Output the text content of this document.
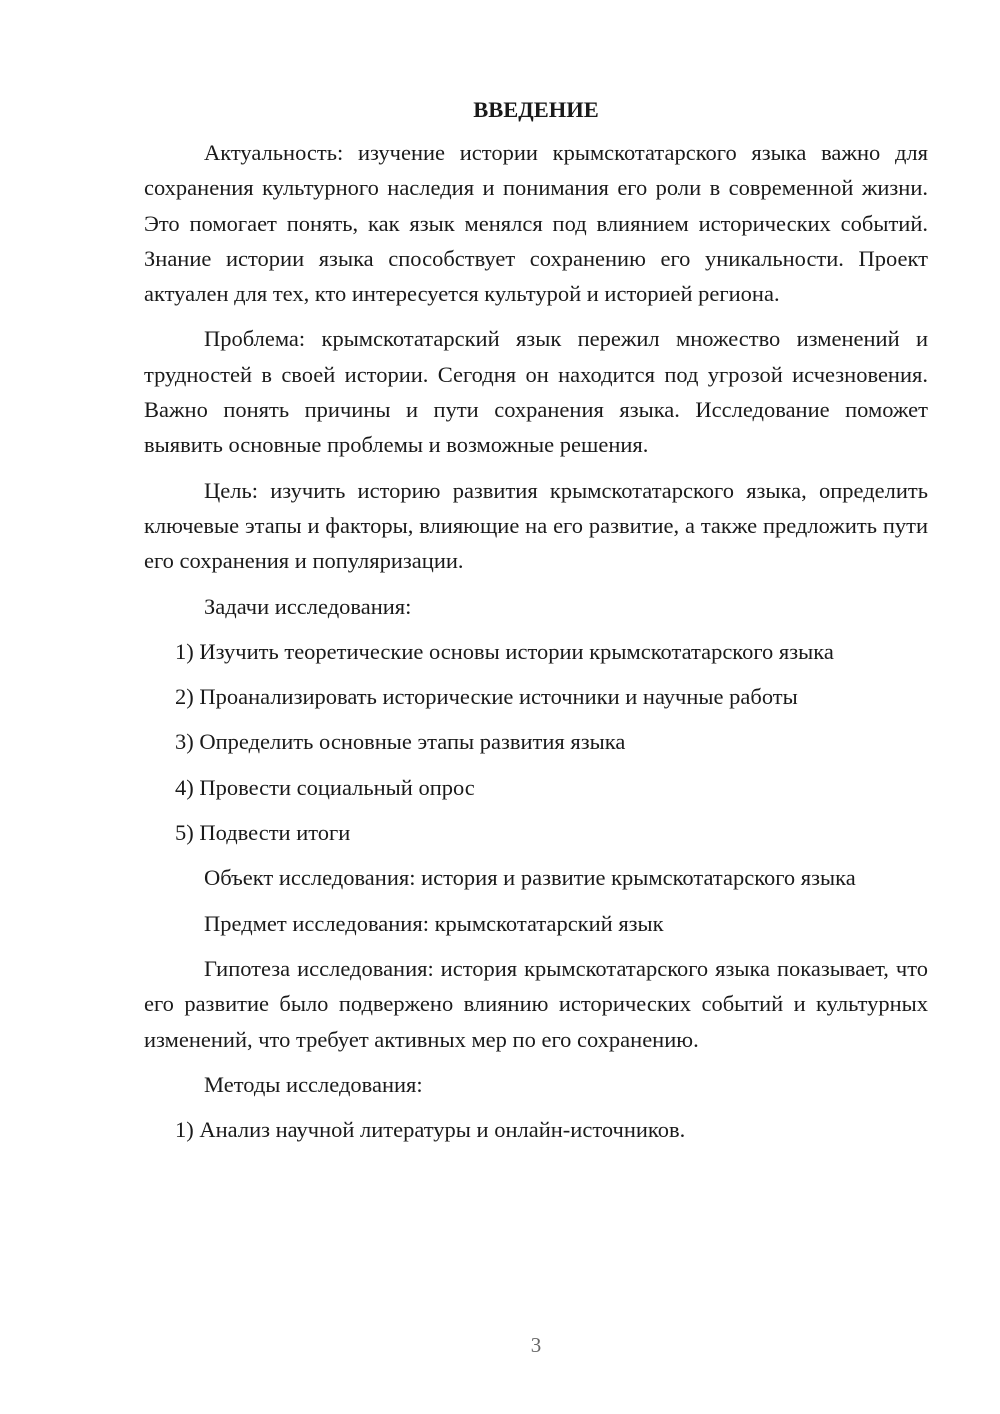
ВВЕДЕНИЕ

Актуальность: изучение истории крымскотатарского языка важно для сохранения культурного наследия и понимания его роли в современной жизни. Это помогает понять, как язык менялся под влиянием исторических событий. Знание истории языка способствует сохранению его уникальности. Проект актуален для тех, кто интересуется культурой и историей региона.

Проблема: крымскотатарский язык пережил множество изменений и трудностей в своей истории. Сегодня он находится под угрозой исчезновения. Важно понять причины и пути сохранения языка. Исследование поможет выявить основные проблемы и возможные решения.

Цель: изучить историю развития крымскотатарского языка, определить ключевые этапы и факторы, влияющие на его развитие, а также предложить пути его сохранения и популяризации.

Задачи исследования:

1) Изучить теоретические основы истории крымскотатарского языка
2) Проанализировать исторические источники и научные работы
3) Определить основные этапы развития языка
4) Провести социальный опрос
5) Подвести итоги

Объект исследования: история и развитие крымскотатарского языка

Предмет исследования: крымскотатарский язык

Гипотеза исследования: история крымскотатарского языка показывает, что его развитие было подвержено влиянию исторических событий и культурных изменений, что требует активных мер по его сохранению.

Методы исследования:

1) Анализ научной литературы и онлайн-источников.
3
